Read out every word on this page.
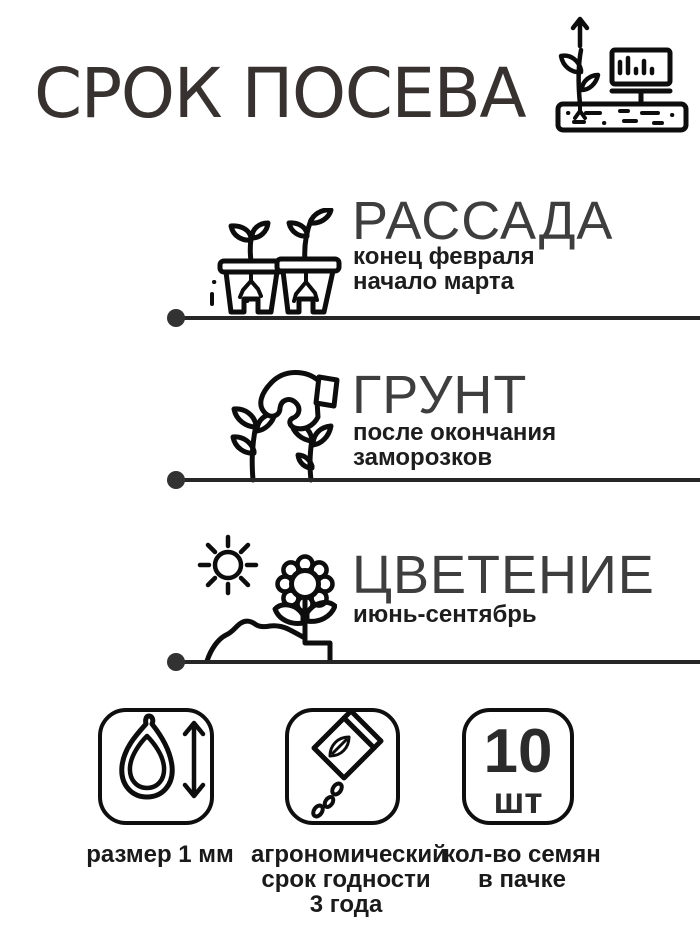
СРОК ПОСЕВА
РАССАДА
конец февраля
начало марта
ГРУНТ
после окончания
заморозков
ЦВЕТЕНИЕ
июнь-сентябрь
10
шт
размер 1 мм агрономический
срок годности
3 года
кол-во семян
в пачке
